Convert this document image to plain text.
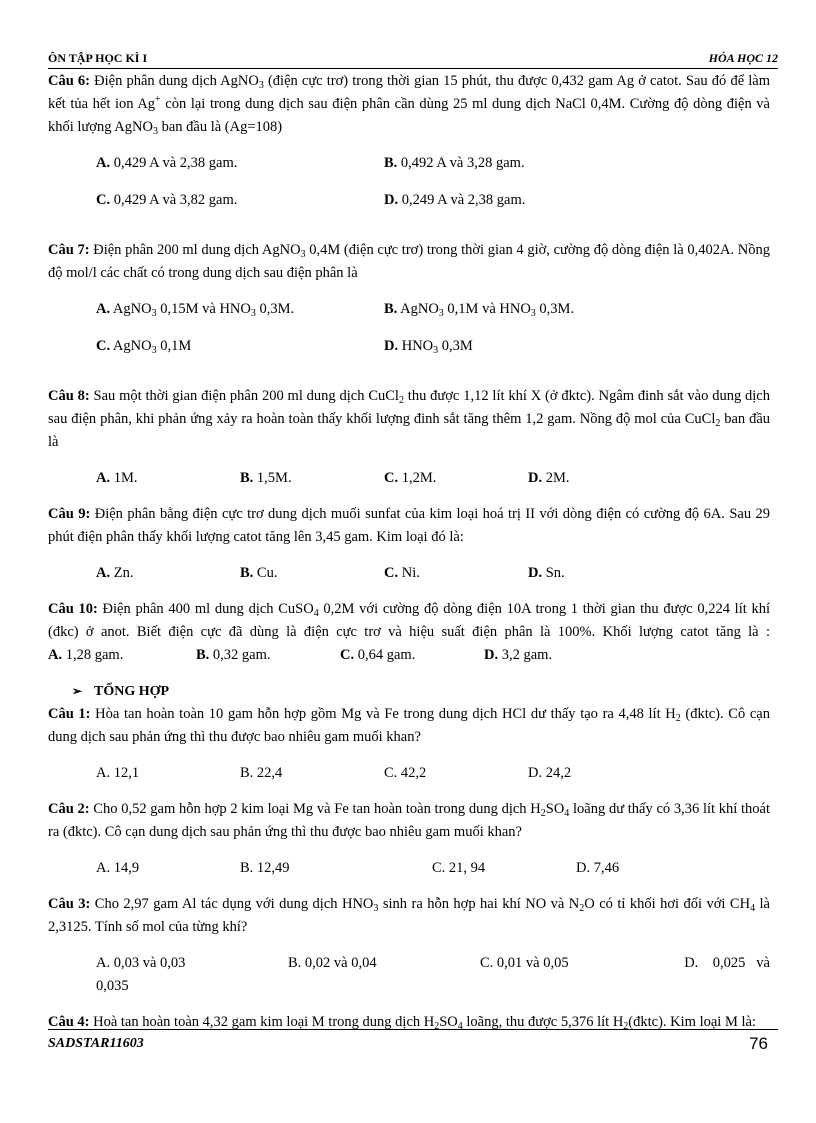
ÔN TẬP HỌC KÌ I	HÓA HỌC 12

Câu 6: Điện phân dung dịch AgNO$_3$ (điện cực trơ) trong thời gian 15 phút, thu được 0,432 gam Ag ở catot. Sau đó để làm kết tủa hết ion Ag+ còn lại trong dung dịch sau điện phân cần dùng 25 ml dung dịch NaCl 0,4M. Cường độ dòng điện và khối lượng AgNO$_3$ ban đầu là (Ag=108)

A. 0,429 A và 2,38 gam.	B. 0,492 A và 3,28 gam.
C. 0,429 A và 3,82 gam.	D. 0,249 A và 2,38 gam.

Câu 7: Điện phân 200 ml dung dịch AgNO$_3$ 0,4M (điện cực trơ) trong thời gian 4 giờ, cường độ dòng điện là 0,402A. Nồng độ mol/l các chất có trong dung dịch sau điện phân là

A. AgNO$_3$ 0,15M và $HNO_3$ 0,3M.	B. AgNO$_3$ 0,1M và $HNO_3$ 0,3M.
C. AgNO$_3$ 0,1M	D. $HNO_3$ 0,3M

Câu 8: Sau một thời gian điện phân 200 ml dung dịch CuCl$_2$ thu được 1,12 lít khí X (ở đktc). Ngâm đinh sắt vào dung dịch sau điện phân, khi phản ứng xảy ra hoàn toàn thấy khối lượng đinh sắt tăng thêm 1,2 gam. Nồng độ mol của CuCl$_2$ ban đầu là

A. 1M.	B. 1,5M.	C. 1,2M.	D. 2M.

Câu 9: Điện phân bằng điện cực trơ dung dịch muối sunfat của kim loại hoá trị II với dòng điện có cường độ 6A. Sau 29 phút điện phân thấy khối lượng catot tăng lên 3,45 gam. Kim loại đó là:

A. Zn.	B. Cu.	C. Ni.	D. Sn.

Câu 10: Điện phân 400 ml dung dịch CuSO$_4$ 0,2M với cường độ dòng điện 10A trong 1 thời gian thu được 0,224 lít khí (đkc) ở anot. Biết điện cực đã dùng là điện cực trơ và hiệu suất điện phân là 100%. Khối lượng catot tăng là :A. 1,28 gam.	B. 0,32 gam.	C. 0,64 gam.	D. 3,2 gam.

➢ TỔNG HỢP

Câu 1: Hòa tan hoàn toàn 10 gam hỗn hợp gồm Mg và Fe trong dung dịch HCl dư thấy tạo ra 4,48 lít $H_2$ (đktc). Cô cạn dung dịch sau phản ứng thì thu được bao nhiêu gam muối khan?

A. 12,1	B. 22,4	C. 42,2	D. 24,2

Câu 2: Cho 0,52 gam hỗn hợp 2 kim loại Mg và Fe tan hoàn toàn trong dung dịch $H_2SO_4$ loãng dư thấy có 3,36 lít khí thoát ra (đktc). Cô cạn dung dịch sau phản ứng thì thu được bao nhiêu gam muối khan?

A. 14,9	B. 12,49	C. 21, 94	D. 7,46

Câu 3: Cho 2,97 gam Al tác dụng với dung dịch $HNO_3$ sinh ra hỗn hợp hai khí NO và $N_2O$ có tỉ khối hơi đối với $CH_4$ là 2,3125. Tính số mol của từng khí?

A. 0,03 và 0,03	B. 0,02 và 0,04	C. 0,01 và 0,05	D.    0,025   và
0,035

Câu 4: Hoà tan hoàn toàn 4,32 gam kim loại M trong dung dịch $H_2SO_4$ loãng, thu được 5,376 lít $H_2(đktc)$. Kim loại M là:

SADSTAR11603	76
